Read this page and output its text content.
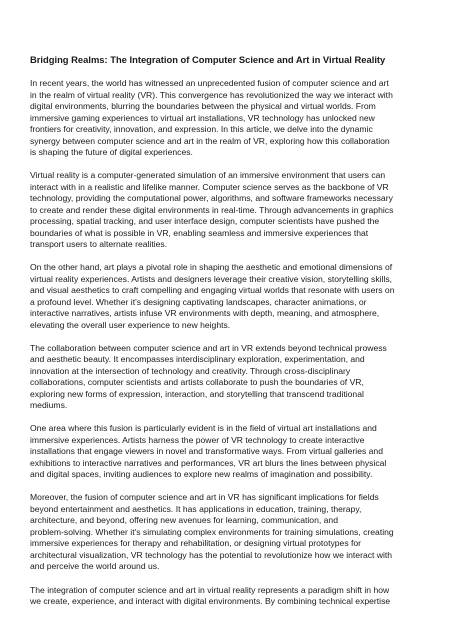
Bridging Realms: The Integration of Computer Science and Art in Virtual Reality
In recent years, the world has witnessed an unprecedented fusion of computer science and art
in the realm of virtual reality (VR). This convergence has revolutionized the way we interact with
digital environments, blurring the boundaries between the physical and virtual worlds. From
immersive gaming experiences to virtual art installations, VR technology has unlocked new
frontiers for creativity, innovation, and expression. In this article, we delve into the dynamic
synergy between computer science and art in the realm of VR, exploring how this collaboration
is shaping the future of digital experiences.
Virtual reality is a computer-generated simulation of an immersive environment that users can
interact with in a realistic and lifelike manner. Computer science serves as the backbone of VR
technology, providing the computational power, algorithms, and software frameworks necessary
to create and render these digital environments in real-time. Through advancements in graphics
processing, spatial tracking, and user interface design, computer scientists have pushed the
boundaries of what is possible in VR, enabling seamless and immersive experiences that
transport users to alternate realities.
On the other hand, art plays a pivotal role in shaping the aesthetic and emotional dimensions of
virtual reality experiences. Artists and designers leverage their creative vision, storytelling skills,
and visual aesthetics to craft compelling and engaging virtual worlds that resonate with users on
a profound level. Whether it's designing captivating landscapes, character animations, or
interactive narratives, artists infuse VR environments with depth, meaning, and atmosphere,
elevating the overall user experience to new heights.
The collaboration between computer science and art in VR extends beyond technical prowess
and aesthetic beauty. It encompasses interdisciplinary exploration, experimentation, and
innovation at the intersection of technology and creativity. Through cross-disciplinary
collaborations, computer scientists and artists collaborate to push the boundaries of VR,
exploring new forms of expression, interaction, and storytelling that transcend traditional
mediums.
One area where this fusion is particularly evident is in the field of virtual art installations and
immersive experiences. Artists harness the power of VR technology to create interactive
installations that engage viewers in novel and transformative ways. From virtual galleries and
exhibitions to interactive narratives and performances, VR art blurs the lines between physical
and digital spaces, inviting audiences to explore new realms of imagination and possibility.
Moreover, the fusion of computer science and art in VR has significant implications for fields
beyond entertainment and aesthetics. It has applications in education, training, therapy,
architecture, and beyond, offering new avenues for learning, communication, and
problem-solving. Whether it's simulating complex environments for training simulations, creating
immersive experiences for therapy and rehabilitation, or designing virtual prototypes for
architectural visualization, VR technology has the potential to revolutionize how we interact with
and perceive the world around us.
The integration of computer science and art in virtual reality represents a paradigm shift in how
we create, experience, and interact with digital environments. By combining technical expertise
